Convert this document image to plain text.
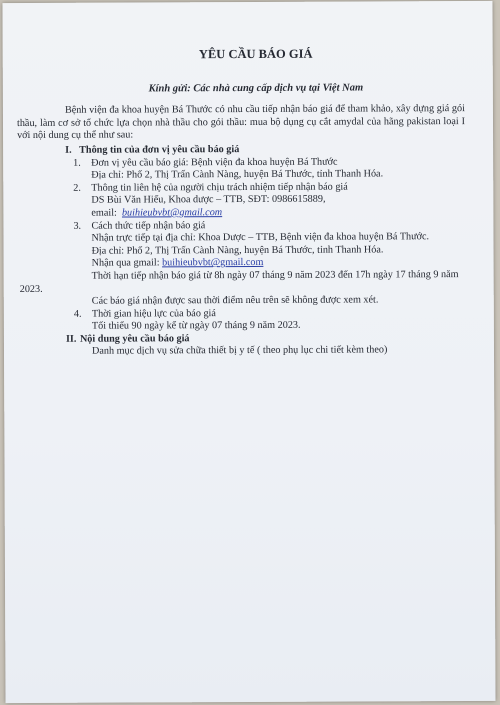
YÊU CẦU BÁO GIÁ

Kính gửi: Các nhà cung cấp dịch vụ tại Việt Nam

Bệnh viện đa khoa huyện Bá Thước có nhu cầu tiếp nhận báo giá để tham khảo, xây dựng giá gói thầu, làm cơ sở tổ chức lựa chọn nhà thầu cho gói thầu: mua bộ dụng cụ cắt amydal của hãng pakistan loại I với nội dung cụ thể như sau:

I. Thông tin của đơn vị yêu cầu báo giá

1. Đơn vị yêu cầu báo giá: Bệnh viện đa khoa huyện Bá Thước

Địa chỉ: Phố 2, Thị Trấn Cành Nàng, huyện Bá Thước, tỉnh Thanh Hóa.

2. Thông tin liên hệ của người chịu trách nhiệm tiếp nhận báo giá

DS Bùi Văn Hiếu, Khoa dược – TTB, SĐT: 0986615889,

email: buihieubvbt@gmail.com

3. Cách thức tiếp nhận báo giá

Nhận trực tiếp tại địa chỉ: Khoa Dược – TTB, Bệnh viện đa khoa huyện Bá Thước.

Địa chỉ: Phố 2, Thị Trấn Cành Nàng, huyện Bá Thước, tỉnh Thanh Hóa.

Nhận qua gmail: buihieubvbt@gmail.com

Thời hạn tiếp nhận báo giá từ 8h ngày 07 tháng 9 năm 2023 đến 17h ngày 17 tháng 9 năm 2023.

Các báo giá nhận được sau thời điểm nêu trên sẽ không được xem xét.

4. Thời gian hiệu lực của báo giá

Tối thiểu 90 ngày kể từ ngày 07 tháng 9 năm 2023.

II. Nội dung yêu cầu báo giá

Danh mục dịch vụ sửa chữa thiết bị y tế ( theo phụ lục chi tiết kèm theo)
